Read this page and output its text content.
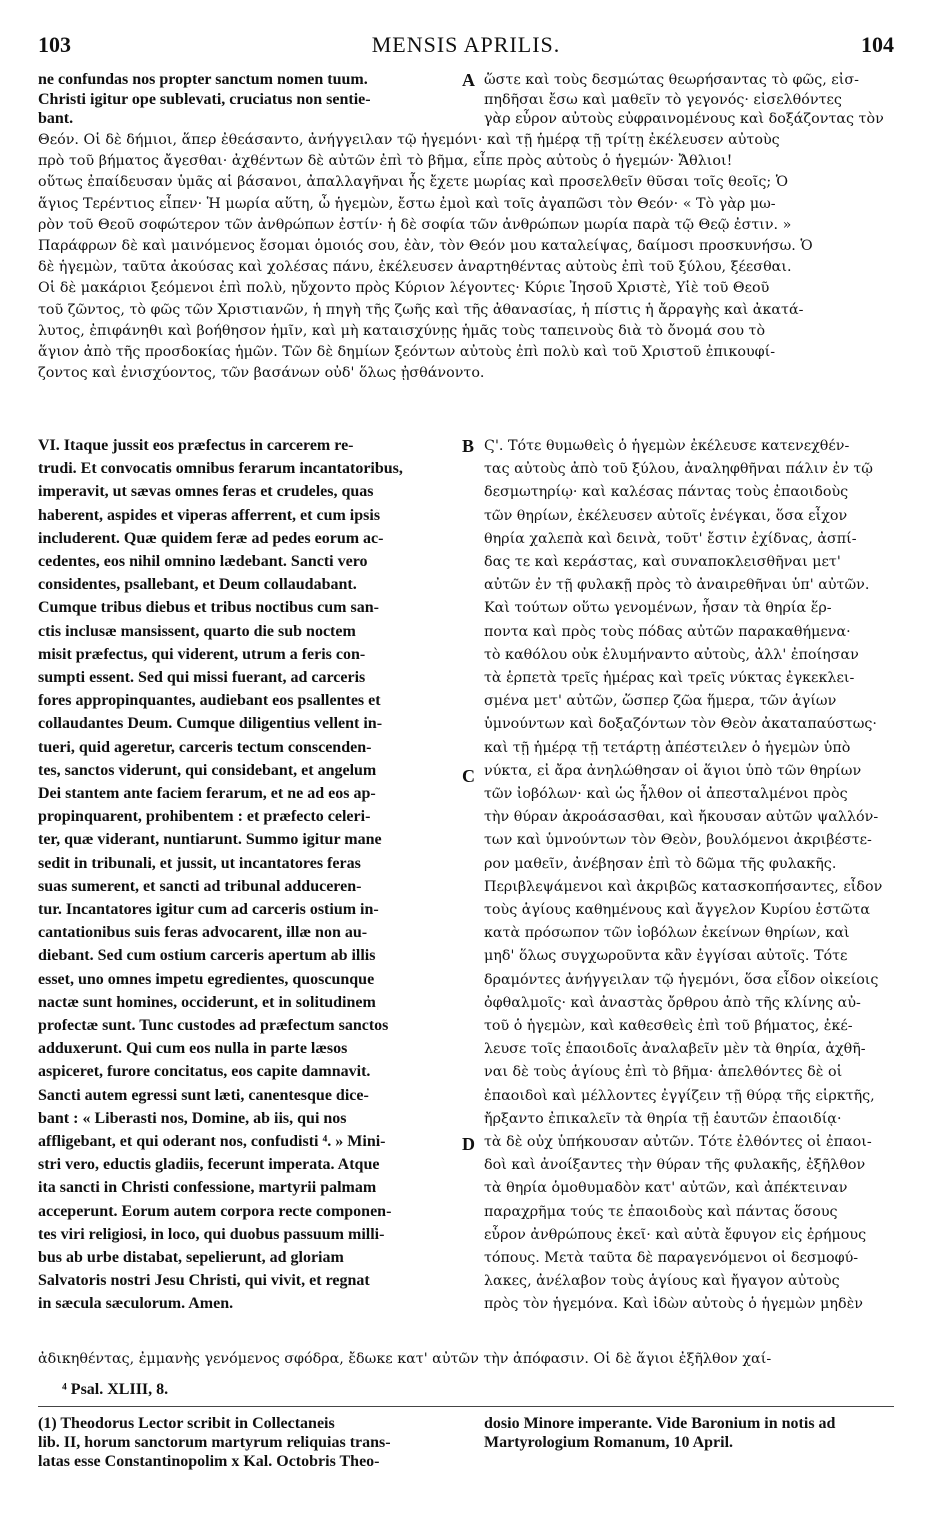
103	MENSIS APRILIS.	104
ne confundas nos propter sanctum nomen tuum.
Christi igitur ope sublevati, cruciatus non sentie-
bant.
ὥστε καὶ τοὺς δεσμώτας θεωρήσαντας τὸ φῶς, εἰσ-
πηδῆσαι ἔσω καὶ μαθεῖν τὸ γεγονός· εἰσελθόντες
γὰρ εὗρον αὐτοὺς εὐφραινομένους καὶ δοξάζοντας τὸν
Θεόν. Οἱ δὲ δήμιοι, ἅπερ ἐθεάσαντο, ἀνήγγειλαν τῷ ἡγεμόνι· καὶ τῇ ἡμέρᾳ τῇ τρίτῃ ἐκέλευσεν αὐτοὺς
πρὸ τοῦ βήματος ἄγεσθαι· ἀχθέντων δὲ αὐτῶν ἐπὶ τὸ βῆμα, εἶπε πρὸς αὐτοὺς ὁ ἡγεμών· Ἄθλιοι!
οὕτως ἐπαίδευσαν ὑμᾶς αἱ βάσανοι, ἀπαλλαγῆναι ἧς ἔχετε μωρίας καὶ προσελθεῖν θῦσαι τοῖς θεοῖς; Ὁ
ἅγιος Τερέντιος εἶπεν· Ἡ μωρία αὕτη, ὦ ἡγεμὼν, ἔστω ἐμοὶ καὶ τοῖς ἀγαπῶσι τὸν Θεόν· « Τὸ γὰρ μω-
ρὸν τοῦ Θεοῦ σοφώτερον τῶν ἀνθρώπων ἐστίν· ἡ δὲ σοφία τῶν ἀνθρώπων μωρία παρὰ τῷ Θεῷ ἐστιν. »
Παράφρων δὲ καὶ μαινόμενος ἔσομαι ὁμοιός σου, ἐὰν, τὸν Θεόν μου καταλείψας, δαίμοσι προσκυνήσω. Ὁ
δὲ ἡγεμὼν, ταῦτα ἀκούσας καὶ χολέσας πάνυ, ἐκέλευσεν ἀναρτηθέντας αὐτοὺς ἐπὶ τοῦ ξύλου, ξέεσθαι.
Οἱ δὲ μακάριοι ξεόμενοι ἐπὶ πολὺ, ηὔχοντο πρὸς Κύριον λέγοντες· Κύριε Ἰησοῦ Χριστὲ, Υἱὲ τοῦ Θεοῦ
τοῦ ζῶντος, τὸ φῶς τῶν Χριστιανῶν, ἡ πηγὴ τῆς ζωῆς καὶ τῆς ἀθανασίας, ἡ πίστις ἡ ἄρραγὴς καὶ ἀκατά-
λυτος, ἐπιφάνηθι καὶ βοήθησον ἡμῖν, καὶ μὴ καταισχύνῃς ἡμᾶς τοὺς ταπεινοὺς διὰ τὸ ὄνομά σου τὸ
ἅγιον ἀπὸ τῆς προσδοκίας ἡμῶν. Τῶν δὲ δημίων ξεόντων αὐτοὺς ἐπὶ πολὺ καὶ τοῦ Χριστοῦ ἐπικουφί-
ζοντος καὶ ἐνισχύοντος, τῶν βασάνων οὐδ' ὅλως ᾐσθάνοντο.
VI. Itaque jussit eos præfectus in carcerem re-
trudi. Et convocatis omnibus ferarum incantatoribus,
imperavit, ut sævas omnes feras et crudeles, quas
haberent, aspides et viperas afferrent, et cum ipsis
includerent. Quæ quidem feræ ad pedes eorum ac-
cedentes, eos nihil omnino lædebant. Sancti vero
considentes, psallebant, et Deum collaudabant.
Cumque tribus diebus et tribus noctibus cum san-
ctis inclusæ mansissent, quarto die sub noctem
misit præfectus, qui viderent, utrum a feris con-
sumpti essent. Sed qui missi fuerant, ad carceris
fores appropinquantes, audiebant eos psallentes et
collaudantes Deum. Cumque diligentius vellent in-
tueri, quid ageretur, carceris tectum conscenden-
tes, sanctos viderunt, qui considebant, et angelum
Dei stantem ante faciem ferarum, et ne ad eos ap-
propinquarent, prohibentem : et præfecto celeri-
ter, quæ viderant, nuntiarunt. Summo igitur mane
sedit in tribunali, et jussit, ut incantatores feras
suas sumerent, et sancti ad tribunal adduceren-
tur. Incantatores igitur cum ad carceris ostium in-
cantationibus suis feras advocarent, illæ non au-
diebant. Sed cum ostium carceris apertum ab illis
esset, uno omnes impetu egredientes, quoscunque
nactæ sunt homines, occiderunt, et in solitudinem
profectæ sunt. Tunc custodes ad præfectum sanctos
adduxerunt. Qui cum eos nulla in parte læsos
aspiceret, furore concitatus, eos capite damnavit.
Sancti autem egressi sunt læti, canentesque dice-
bant : « Liberasti nos, Domine, ab iis, qui nos
affligebant, et qui oderant nos, confudisti ⁴. » Mini-
stri vero, eductis gladiis, fecerunt imperata. Atque
ita sancti in Christi confessione, martyrii palmam
acceperunt. Eorum autem corpora recte componen-
tes viri religiosi, in loco, qui duobus passuum milli-
bus ab urbe distabat, sepelierunt, ad gloriam
Salvatoris nostri Jesu Christi, qui vivit, et regnat
in sæcula sæculorum. Amen.
Ϛ'. Τότε θυμωθεὶς ὁ ἡγεμὼν ἐκέλευσε κατενεχθέν-
τας αὐτοὺς ἀπὸ τοῦ ξύλου, ἀναληφθῆναι πάλιν ἐν τῷ
δεσμωτηρίῳ· καὶ καλέσας πάντας τοὺς ἐπαοιδοὺς
τῶν θηρίων, ἐκέλευσεν αὐτοῖς ἐνέγκαι, ὅσα εἶχον
θηρία χαλεπὰ καὶ δεινὰ, τοῦτ' ἔστιν ἐχίδνας, ἀσπί-
δας τε καὶ κεράστας, καὶ συναποκλεισθῆναι μετ'
αὐτῶν ἐν τῇ φυλακῇ πρὸς τὸ ἀναιρεθῆναι ὑπ' αὐτῶν.
Καὶ τούτων οὕτω γενομένων, ἦσαν τὰ θηρία ἕρ-
ποντα καὶ πρὸς τοὺς πόδας αὐτῶν παρακαθήμενα·
τὸ καθόλου οὐκ ἐλυμήναντο αὐτοὺς, ἀλλ' ἐποίησαν
τὰ ἑρπετὰ τρεῖς ἡμέρας καὶ τρεῖς νύκτας ἐγκεκλει-
σμένα μετ' αὐτῶν, ὥσπερ ζῶα ἥμερα, τῶν ἁγίων
ὑμνούντων καὶ δοξαζόντων τὸν Θεὸν ἀκαταπαύστως·
καὶ τῇ ἡμέρᾳ τῇ τετάρτῃ ἀπέστειλεν ὁ ἡγεμὼν ὑπὸ
νύκτα, εἰ ἄρα ἀνηλώθησαν οἱ ἅγιοι ὑπὸ τῶν θηρίων
τῶν ἰοβόλων· καὶ ὡς ἦλθον οἱ ἀπεσταλμένοι πρὸς
τὴν θύραν ἀκροάσασθαι, καὶ ἤκουσαν αὐτῶν ψαλλόν-
των καὶ ὑμνούντων τὸν Θεὸν, βουλόμενοι ἀκριβέστε-
ρον μαθεῖν, ἀνέβησαν ἐπὶ τὸ δῶμα τῆς φυλακῆς.
Περιβλεψάμενοι καὶ ἀκριβῶς κατασκοπήσαντες, εἶδον
τοὺς ἁγίους καθημένους καὶ ἄγγελον Κυρίου ἑστῶτα
κατὰ πρόσωπον τῶν ἰοβόλων ἐκείνων θηρίων, καὶ
μηδ' ὅλως συγχωροῦντα κἂν ἐγγίσαι αὐτοῖς. Τότε
δραμόντες ἀνήγγειλαν τῷ ἡγεμόνι, ὅσα εἶδον οἰκείοις
ὀφθαλμοῖς· καὶ ἀναστὰς ὄρθρου ἀπὸ τῆς κλίνης αὐ-
τοῦ ὁ ἡγεμὼν, καὶ καθεσθεὶς ἐπὶ τοῦ βήματος, ἐκέ-
λευσε τοῖς ἐπαοιδοῖς ἀναλαβεῖν μὲν τὰ θηρία, ἀχθῆ-
ναι δὲ τοὺς ἁγίους ἐπὶ τὸ βῆμα· ἀπελθόντες δὲ οἱ
ἐπαοιδοὶ καὶ μέλλοντες ἐγγίζειν τῇ θύρᾳ τῆς εἱρκτῆς,
ἤρξαντο ἐπικαλεῖν τὰ θηρία τῇ ἑαυτῶν ἐπαοιδίᾳ·
τὰ δὲ οὐχ ὑπήκουσαν αὐτῶν. Τότε ἐλθόντες οἱ ἐπαοι-
δοὶ καὶ ἀνοίξαντες τὴν θύραν τῆς φυλακῆς, ἐξῆλθον
τὰ θηρία ὁμοθυμαδὸν κατ' αὐτῶν, καὶ ἀπέκτειναν
παραχρῆμα τούς τε ἐπαοιδοὺς καὶ πάντας ὅσους
εὗρον ἀνθρώπους ἐκεῖ· καὶ αὐτὰ ἔφυγον εἰς ἐρήμους
τόπους. Μετὰ ταῦτα δὲ παραγενόμενοι οἱ δεσμοφύ-
λακες, ἀνέλαβον τοὺς ἁγίους καὶ ἤγαγον αὐτοὺς
πρὸς τὸν ἡγεμόνα. Καὶ ἰδὼν αὐτοὺς ὁ ἡγεμὼν μηδὲν
A
B
C
D
ἀδικηθέντας, ἐμμανὴς γενόμενος σφόδρα, ἔδωκε κατ' αὐτῶν τὴν ἀπόφασιν. Οἱ δὲ ἅγιοι ἐξῆλθον χαί-
⁴ Psal. XLIII, 8.
(1) Theodorus Lector scribit in Collectaneis
lib. II, horum sanctorum martyrum reliquias trans-
latas esse Constantinopolim x Kal. Octobris Theo-
dosio Minore imperante. Vide Baronium in notis ad
Martyrologium Romanum, 10 April.
